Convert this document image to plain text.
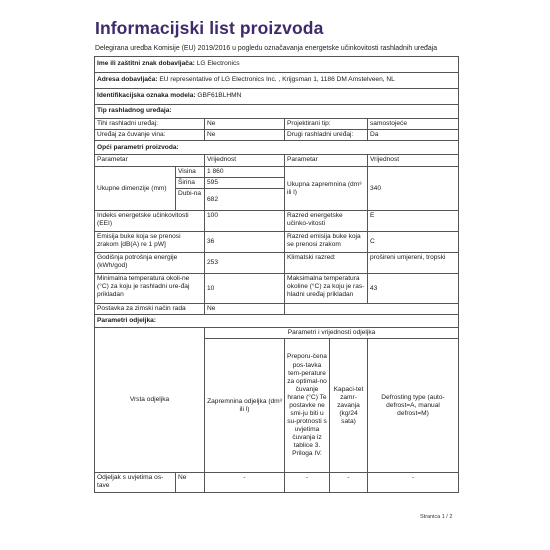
Informacijski list proizvoda
Delegirana uredba Komisije (EU) 2019/2016 u pogledu označavanja energetske učinkovitosti rashladnih uređaja
Ime ili zaštitni znak dobavljača: LG Electronics					
Adresa dobavljača: EU representative of LG Electronics Inc. , Krijgsman 1, 1186 DM Amstelveen, NL					
Identifikacijska oznaka modela: GBF61BLHMN					
Tip rashladnog uređaja:					
Tihi rashladni uređaj:		Ne	Projektirani tip:		samostojeće
Uređaj za čuvanje vina:		Ne	Drugi rashladni uređaj:		Da
Opći parametri proizvoda:					
Parametar		Vrijednost	Parametar		Vrijednost
Ukupne dimenzije (mm)	Visina	1 860	Ukupna zapremnina (dm³ ili l)		340
	Širina	595			
	Dubi-na	682			
Indeks energetske učinkovitosti (EEI)		100	Razred energetske učinko-vitosti		E
Emisija buke koja se prenosi zrakom [dB(A) re 1 pW]		36	Razred emisija buke koja se prenosi zrakom		C
Godišnja potrošnja energije (kWh/god)		253	Klimatski razred:		prošireni umjereni, tropski
Minimalna temperatura okoli-ne (°C) za koju je rashladni ure-đaj prikladan		10	Maksimalna temperatura okoline (°C) za koju je ras-hladni uređaj prikladan		43
Postavka za zimski način rada		Ne			
Parametri odjeljka:					
Vrsta odjeljka		Parametri i vrijednosti odjeljka			
		Zapremnina odjeljka (dm³ ili l)	Preporu-čena pos-tavka tem-perature za optimal-no čuvanje hrane (°C) Te postavke ne smi-ju biti u su-protnosti s uvjetima čuvanja iz tablice 3. Priloga IV.	Kapaci-tet zamr-zavanja (kg/24 sata)	Defrosting type (auto-defrost=A, manual defrost=M)
Odjeljak s uvjetima os-tave	Ne	-	-	-	-
Stranica 1 / 2
